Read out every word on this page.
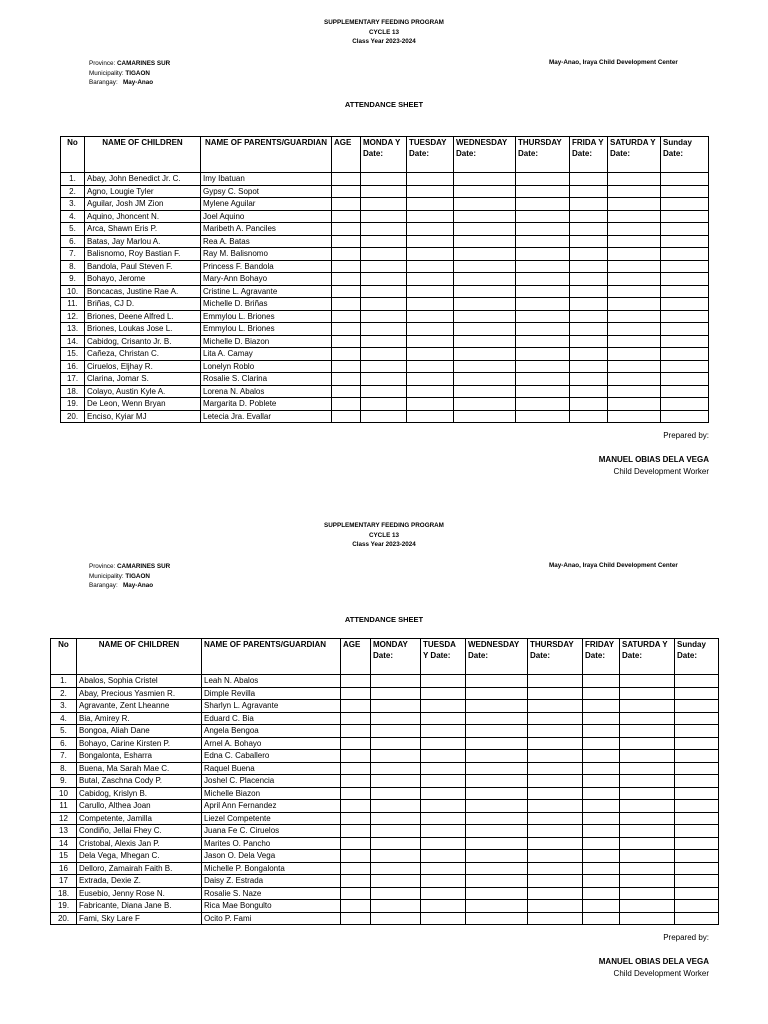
SUPPLEMENTARY FEEDING PROGRAM
CYCLE 13
Class Year 2023-2024
Province: CAMARINES SUR
Municipality: TIGAON
Barangay: May-Anao
May-Anao, Iraya Child Development Center
ATTENDANCE SHEET
No	NAME OF CHILDREN	NAME OF PARENTS/GUARDIAN	AGE	MONDA Y Date:	TUESDAY Date:	WEDNESDAY Date:	THURSDAY Date:	FRIDA Y Date:	SATURDA Y Date:	Sunday Date:
1.	Abay, John Benedict Jr. C.	Imy Ibatuan								
2.	Agno, Lougie Tyler	Gypsy C. Sopot								
3.	Aguilar, Josh JM Zion	Mylene Aguilar								
4.	Aquino, Jhoncent N.	Joel Aquino								
5.	Arca, Shawn Eris P.	Maribeth A. Panciles								
6.	Batas, Jay Marlou A.	Rea A. Batas								
7.	Balisnomo, Roy Bastian F.	Ray M. Balisnomo								
8.	Bandola, Paul Steven F.	Princess F. Bandola								
9.	Bohayo, Jerome	Mary-Ann Bohayo								
10.	Boncacas, Justine Rae A.	Cristine L. Agravante								
11.	Briñas, CJ D.	Michelle D. Briñas								
12.	Briones, Deene Alfred L.	Emmylou L. Briones								
13.	Briones, Loukas Jose L.	Emmylou L. Briones								
14.	Cabidog, Crisanto Jr. B.	Michelle D. Biazon								
15.	Cañeza, Christan C.	Lita A. Camay								
16.	Ciruelos, Eljhay R.	Lonelyn Roblo								
17.	Clarina, Jomar S.	Rosalie S. Clarina								
18.	Colayo, Austin Kyle A.	Lorena N. Abalos								
19.	De Leon, Wenn Bryan	Margarita D. Poblete								
20.	Enciso, Kyiar MJ	Letecia Jra. Evallar								
Prepared by:
MANUEL OBIAS DELA VEGA
Child Development Worker
SUPPLEMENTARY FEEDING PROGRAM
CYCLE 13
Class Year 2023-2024
Province: CAMARINES SUR
Municipality: TIGAON
Barangay: May-Anao
May-Anao, Iraya Child Development Center
ATTENDANCE SHEET
No	NAME OF CHILDREN	NAME OF PARENTS/GUARDIAN	AGE	MONDAY Date:	TUESDA Y Date:	WEDNESDAY Date:	THURSDAY Date:	FRIDAY Date:	SATURDA Y Date:	Sunday Date:
1.	Abalos, Sophia Cristel	Leah N. Abalos								
2.	Abay, Precious Yasmien R.	Dimple Revilla								
3.	Agravante, Zent Lheanne	Sharlyn L. Agravante								
4.	Bia, Amirey R.	Eduard C. Bia								
5.	Bongoa, Aliah Dane	Angela Bengoa								
6.	Bohayo, Carine Kirsten P.	Arnel A. Bohayo								
7.	Bongalonta, Esharra	Edna C. Caballero								
8.	Buena, Ma Sarah Mae C.	Raquel Buena								
9.	Butal, Zaschna Cody P.	Joshel C. Placencia								
10	Cabidog, Krislyn B.	Michelle Biazon								
11	Carullo, Althea Joan	April Ann Fernandez								
12	Competente, Jamilla	Liezel Competente								
13	Condiño, Jellai Fhey C.	Juana Fe C. Ciruelos								
14	Cristobal, Alexis Jan P.	Marites O. Pancho								
15	Dela Vega, Mhegan C.	Jason O. Dela Vega								
16	Delloro, Zamairah Faith B.	Michelle P. Bongalonta								
17	Extrada, Dexie Z.	Daisy Z. Estrada								
18.	Eusebio, Jenny Rose N.	Rosalie S. Naze								
19.	Fabricante, Diana Jane B.	Rica Mae Bongulto								
20.	Fami, Sky Lare F	Ocito P. Fami								
Prepared by:
MANUEL OBIAS DELA VEGA
Child Development Worker
